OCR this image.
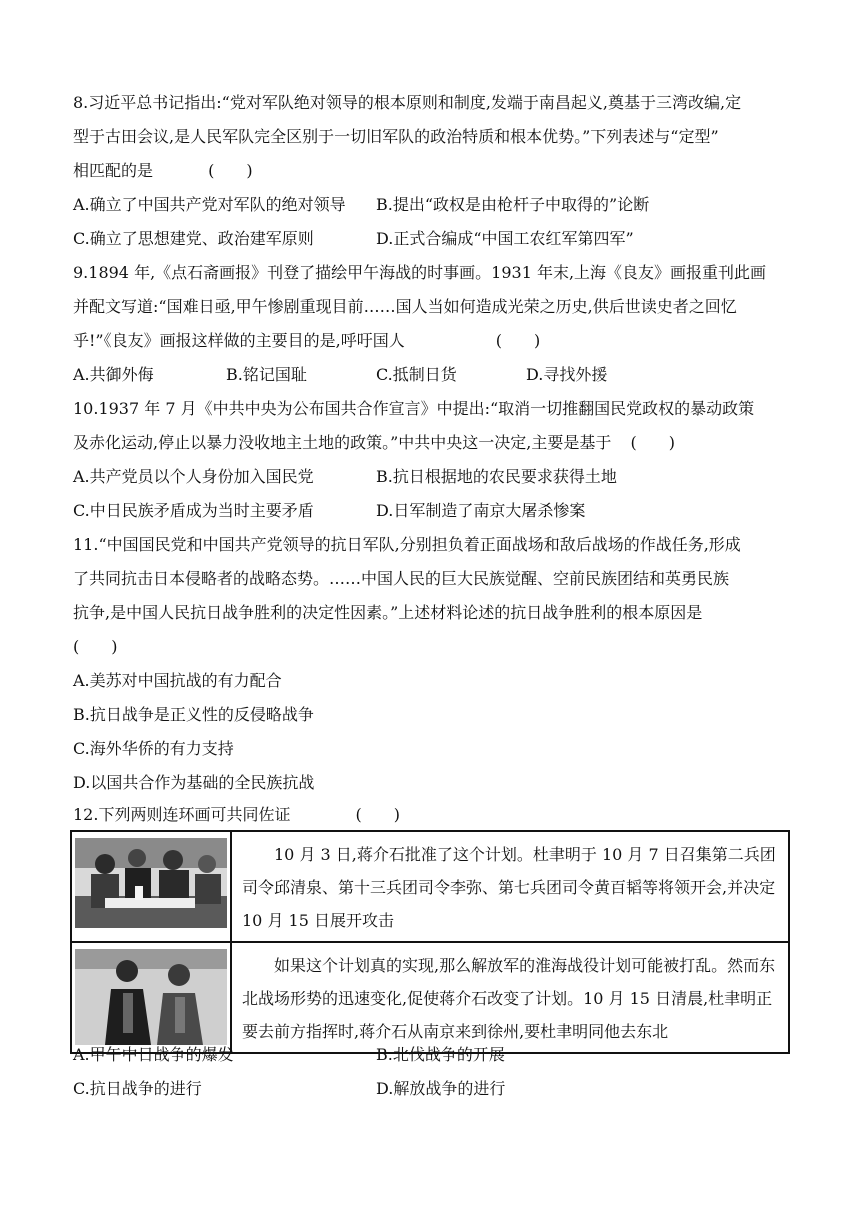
8.习近平总书记指出:“党对军队绝对领导的根本原则和制度,发端于南昌起义,奠基于三湾改编,定
型于古田会议,是人民军队完全区别于一切旧军队的政治特质和根本优势。”下列表述与“定型”
相匹配的是	(　　)
A.确立了中国共产党对军队的绝对领导 B.提出“政权是由枪杆子中取得的”论断
C.确立了思想建党、政治建军原则	D.正式合编成“中国工农红军第四军”
9.1894 年,《点石斋画报》刊登了描绘甲午海战的时事画。1931 年末,上海《良友》画报重刊此画
并配文写道:“国难日亟,甲午惨剧重现目前……国人当如何造成光荣之历史,供后世读史者之回忆
乎!”《良友》画报这样做的主要目的是,呼吁国人	(　　)
A.共御外侮	B.铭记国耻	C.抵制日货	D.寻找外援
10.1937 年 7 月《中共中央为公布国共合作宣言》中提出:“取消一切推翻国民党政权的暴动政策
及赤化运动,停止以暴力没收地主土地的政策。”中共中央这一决定,主要是基于 (　　)
A.共产党员以个人身份加入国民党	B.抗日根据地的农民要求获得土地
C.中日民族矛盾成为当时主要矛盾	D.日军制造了南京大屠杀惨案
11.“中国国民党和中国共产党领导的抗日军队,分别担负着正面战场和敌后战场的作战任务,形成
了共同抗击日本侵略者的战略态势。……中国人民的巨大民族觉醒、空前民族团结和英勇民族
抗争,是中国人民抗日战争胜利的决定性因素。”上述材料论述的抗日战争胜利的根本原因是
(　　)
A.美苏对中国抗战的有力配合
B.抗日战争是正义性的反侵略战争
C.海外华侨的有力支持
D.以国共合作为基础的全民族抗战
12.下列两则连环画可共同佐证	(　　)
	10 月 3 日,蒋介石批准了这个计划。杜聿明于 10 月 7 日召集第二兵团司令邱清泉、第十三兵团司令李弥、第七兵团司令黄百韬等将领开会,并决定 10 月 15 日展开攻击

	如果这个计划真的实现,那么解放军的淮海战役计划可能被打乱。然而东北战场形势的迅速变化,促使蒋介石改变了计划。10 月 15 日清晨,杜聿明正要去前方指挥时,蒋介石从南京来到徐州,要杜聿明同他去东北
A.甲午中日战争的爆发	B.北伐战争的开展
C.抗日战争的进行	D.解放战争的进行
